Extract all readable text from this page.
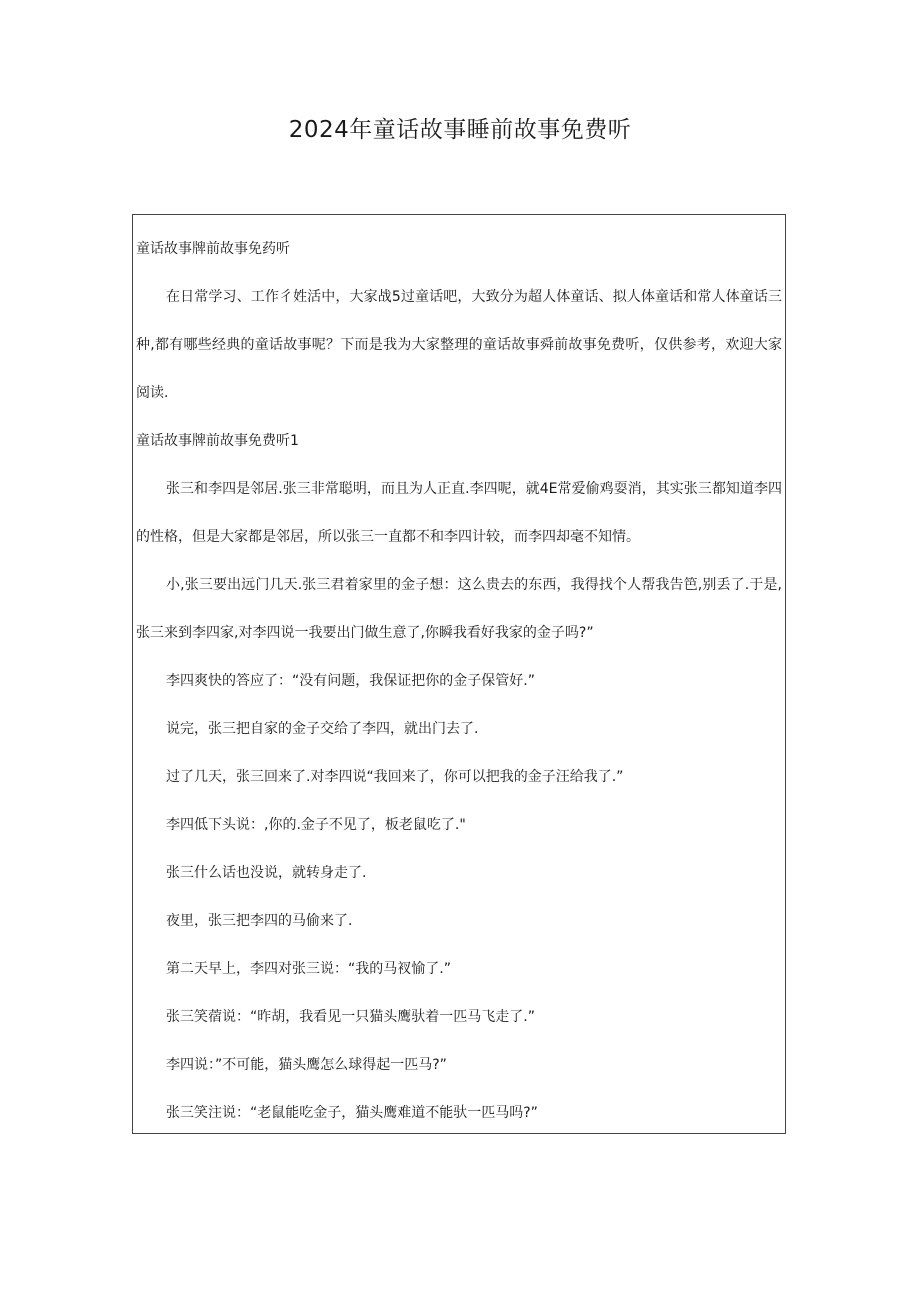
2024年童话故事睡前故事免费听

童话故事牌前故事免药听

在日常学习、工作彳姓活中，大家战5过童话吧，大致分为超人体童话、拟人体童话和常人体童话三种,都有哪些经典的童话故事呢？下而是我为大家整理的童话故事舜前故事免费听，仅供参考，欢迎大家阅读.

童话故事牌前故事免费听1

张三和李四是邻居.张三非常聪明，而且为人正直.李四呢，就4E常爱偷鸡耍消，其实张三都知道李四的性格，但是大家都是邻居，所以张三一直都不和李四计较，而李四却毫不知情。

小,张三要出远门几天.张三君着家里的金子想：这么贵去的东西，我得找个人帮我告笆,别丢了.于是,张三来到李四家,对李四说一我要出门做生意了,你瞬我看好我家的金子吗?”

李四爽快的答应了：“没有问题，我保证把你的金子保管好.”

说完，张三把自家的金子交给了李四，就出门去了.

过了几天，张三回来了.对李四说“我回来了，你可以把我的金子汪给我了.”

李四低下头说：,你的.金子不见了，板老鼠吃了."

张三什么话也没说，就转身走了.

夜里，张三把李四的马偷来了.

第二天早上，李四对张三说：“我的马衩愉了.”

张三笑蓿说：“昨胡，我看见一只猫头鹰驮着一匹马飞走了.”

李四说：”不可能，猫头鹰怎么球得起一匹马?”

张三笑注说：“老鼠能吃金子，猫头鹰难道不能驮一匹马吗?”
